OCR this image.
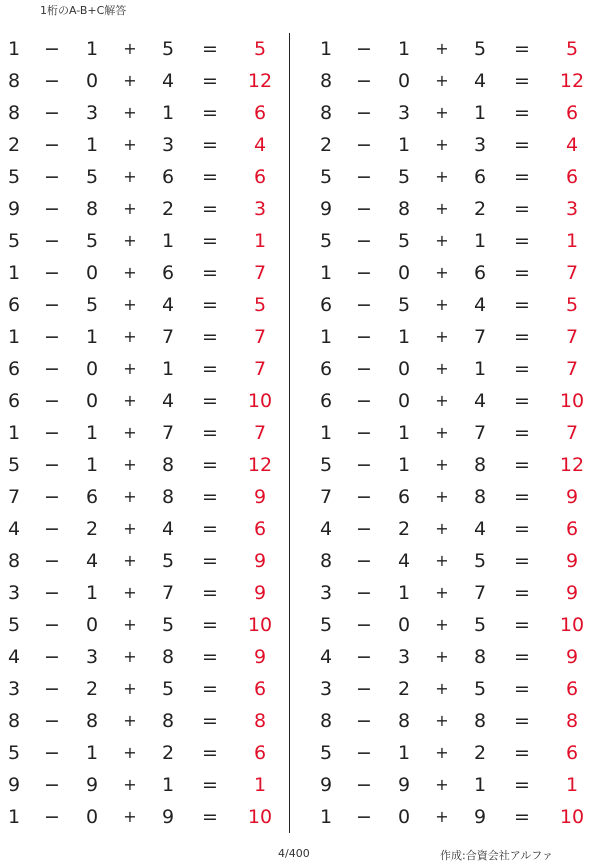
1桁のA-B+C解答
1	−	1	+	5	=	5
8	−	0	+	4	=	12
8	−	3	+	1	=	6
2	−	1	+	3	=	4
5	−	5	+	6	=	6
9	−	8	+	2	=	3
5	−	5	+	1	=	1
1	−	0	+	6	=	7
6	−	5	+	4	=	5
1	−	1	+	7	=	7
6	−	0	+	1	=	7
6	−	0	+	4	=	10
1	−	1	+	7	=	7
5	−	1	+	8	=	12
7	−	6	+	8	=	9
4	−	2	+	4	=	6
8	−	4	+	5	=	9
3	−	1	+	7	=	9
5	−	0	+	5	=	10
4	−	3	+	8	=	9
3	−	2	+	5	=	6
8	−	8	+	8	=	8
5	−	1	+	2	=	6
9	−	9	+	1	=	1
1	−	0	+	9	=	10
1	−	1	+	5	=	5
8	−	0	+	4	=	12
8	−	3	+	1	=	6
2	−	1	+	3	=	4
5	−	5	+	6	=	6
9	−	8	+	2	=	3
5	−	5	+	1	=	1
1	−	0	+	6	=	7
6	−	5	+	4	=	5
1	−	1	+	7	=	7
6	−	0	+	1	=	7
6	−	0	+	4	=	10
1	−	1	+	7	=	7
5	−	1	+	8	=	12
7	−	6	+	8	=	9
4	−	2	+	4	=	6
8	−	4	+	5	=	9
3	−	1	+	7	=	9
5	−	0	+	5	=	10
4	−	3	+	8	=	9
3	−	2	+	5	=	6
8	−	8	+	8	=	8
5	−	1	+	2	=	6
9	−	9	+	1	=	1
1	−	0	+	9	=	10
4/400	作成:合資会社アルファ
